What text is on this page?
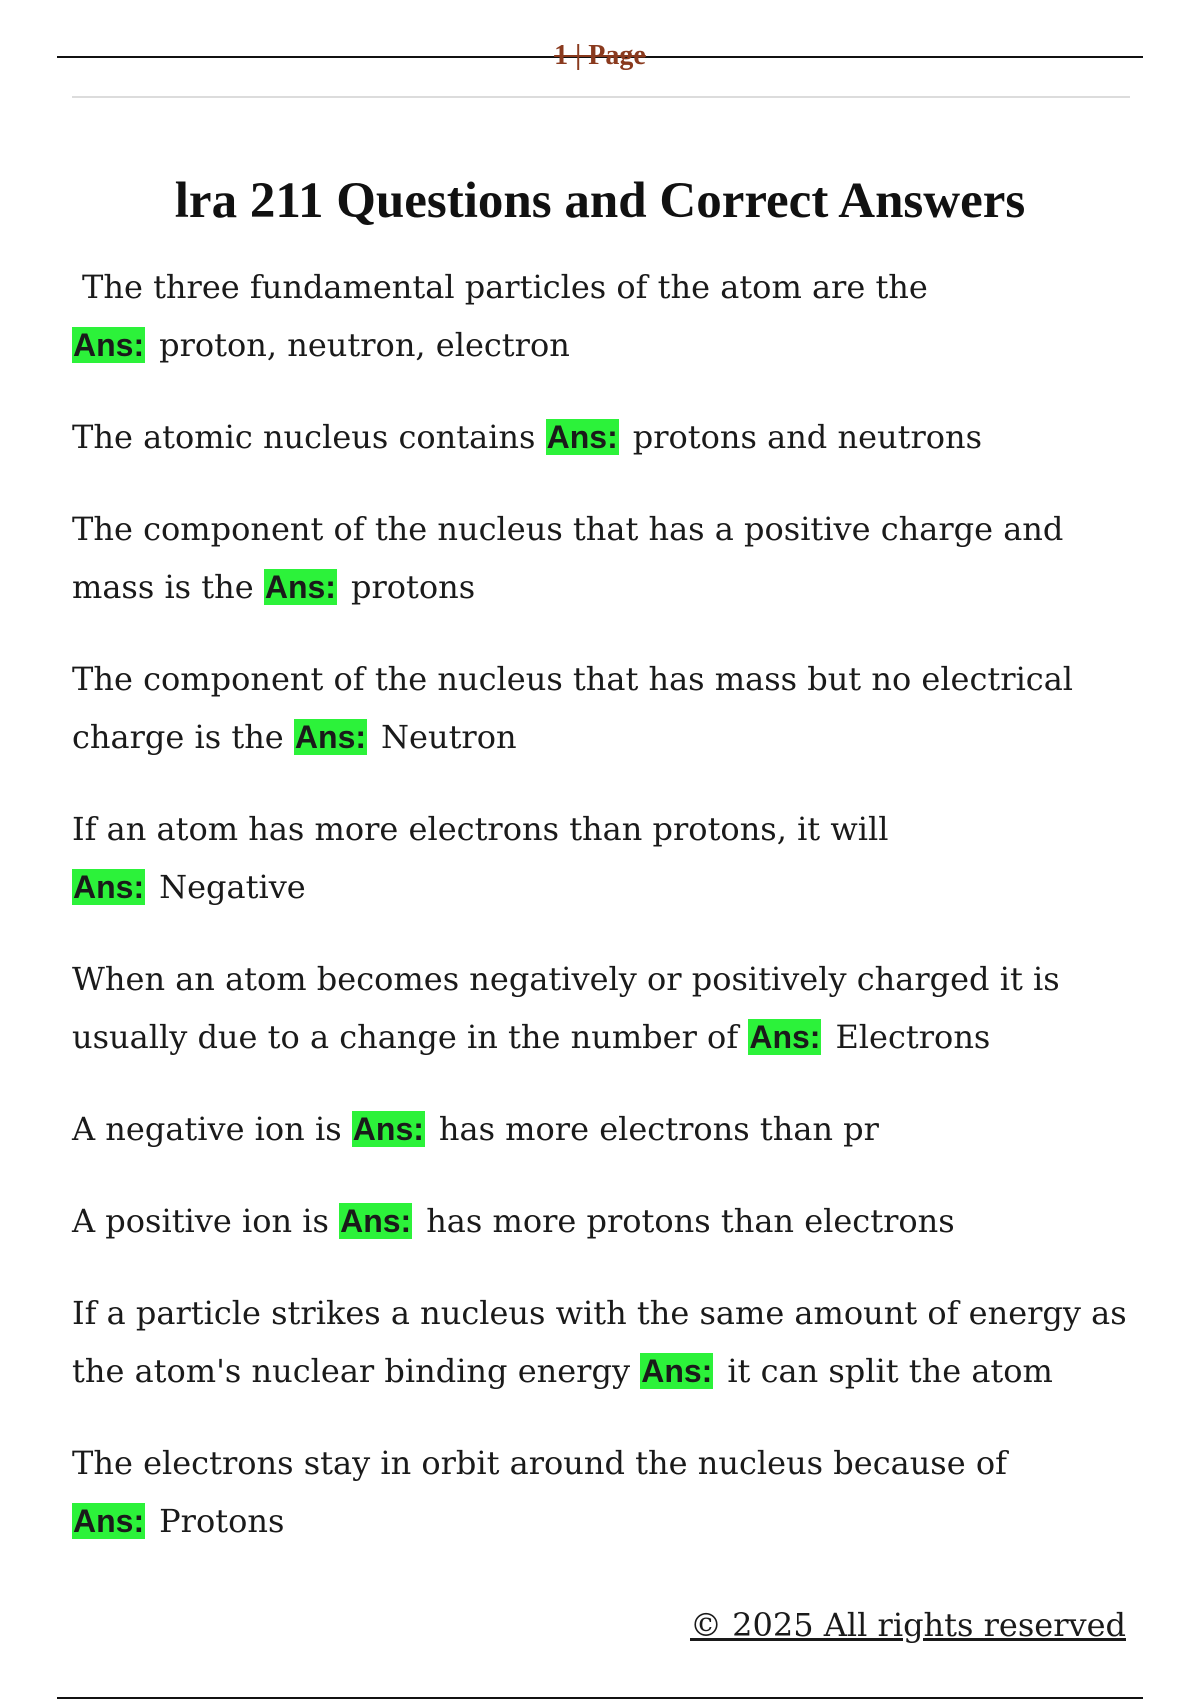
1 | Page
lra 211 Questions and Correct Answers
The three fundamental particles of the atom are the Ans: proton, neutron, electron
The atomic nucleus contains Ans: protons and neutrons
The component of the nucleus that has a positive charge and mass is the Ans: protons
The component of the nucleus that has mass but no electrical charge is the Ans: Neutron
If an atom has more electrons than protons, it will Ans: Negative
When an atom becomes negatively or positively charged it is usually due to a change in the number of Ans: Electrons
A negative ion is Ans: has more electrons than pr
A positive ion is Ans: has more protons than electrons
If a particle strikes a nucleus with the same amount of energy as the atom's nuclear binding energy Ans: it can split the atom
The electrons stay in orbit around the nucleus because of Ans: Protons
© 2025 All rights reserved
